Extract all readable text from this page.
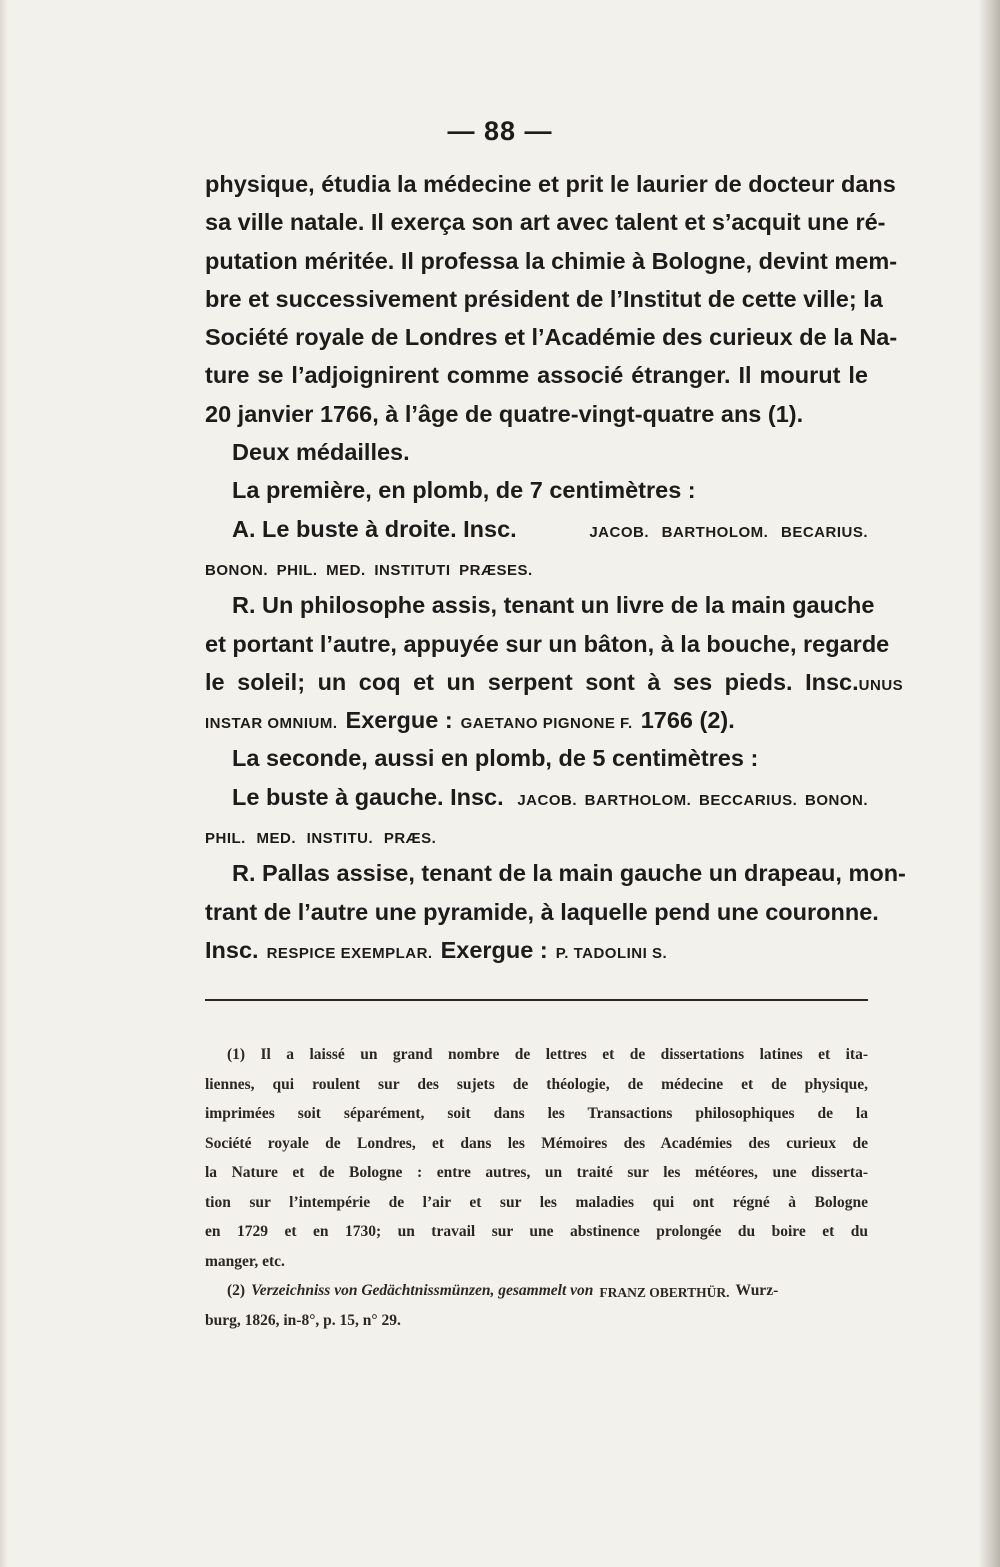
— 88 —
physique, étudia la médecine et prit le laurier de docteur dans
sa ville natale. Il exerça son art avec talent et s’acquit une ré-
putation méritée. Il professa la chimie à Bologne, devint mem-
bre et successivement président de l’Institut de cette ville; la
Société royale de Londres et l’Académie des curieux de la Na-
ture se l’adjoignirent comme associé étranger. Il mourut le
20 janvier 1766, à l’âge de quatre-vingt-quatre ans (1).
Deux médailles.
La première, en plomb, de 7 centimètres :
A. Le buste à droite. Insc.	JACOB. BARTHOLOM. BECARIUS.
BONON. PHIL. MED. INSTITUTI PRÆSES.
R. Un philosophe assis, tenant un livre de la main gauche
et portant l’autre, appuyée sur un bâton, à la bouche, regarde
le soleil; un coq et un serpent sont à ses pieds. Insc. UNUS
INSTAR OMNIUM. Exergue : GAETANO PIGNONE F. 1766 (2).
La seconde, aussi en plomb, de 5 centimètres :
Le buste à gauche. Insc. JACOB. BARTHOLOM. BECCARIUS. BONON.
PHIL. MED. INSTITU. PRÆS.
R. Pallas assise, tenant de la main gauche un drapeau, mon-
trant de l’autre une pyramide, à laquelle pend une couronne.
Insc. RESPICE EXEMPLAR. Exergue : P. TADOLINI S.
(1) Il a laissé un grand nombre de lettres et de dissertations latines et ita-
liennes, qui roulent sur des sujets de théologie, de médecine et de physique,
imprimées soit séparément, soit dans les Transactions philosophiques de la
Société royale de Londres, et dans les Mémoires des Académies des curieux de
la Nature et de Bologne : entre autres, un traité sur les météores, une disserta-
tion sur l’intempérie de l’air et sur les maladies qui ont régné à Bologne
en 1729 et en 1730; un travail sur une abstinence prolongée du boire et du
manger, etc.
(2) Verzeichniss von Gedächtnissmünzen, gesammelt von FRANZ OBERTHÜR. Wurz-
burg, 1826, in-8°, p. 15, n° 29.
